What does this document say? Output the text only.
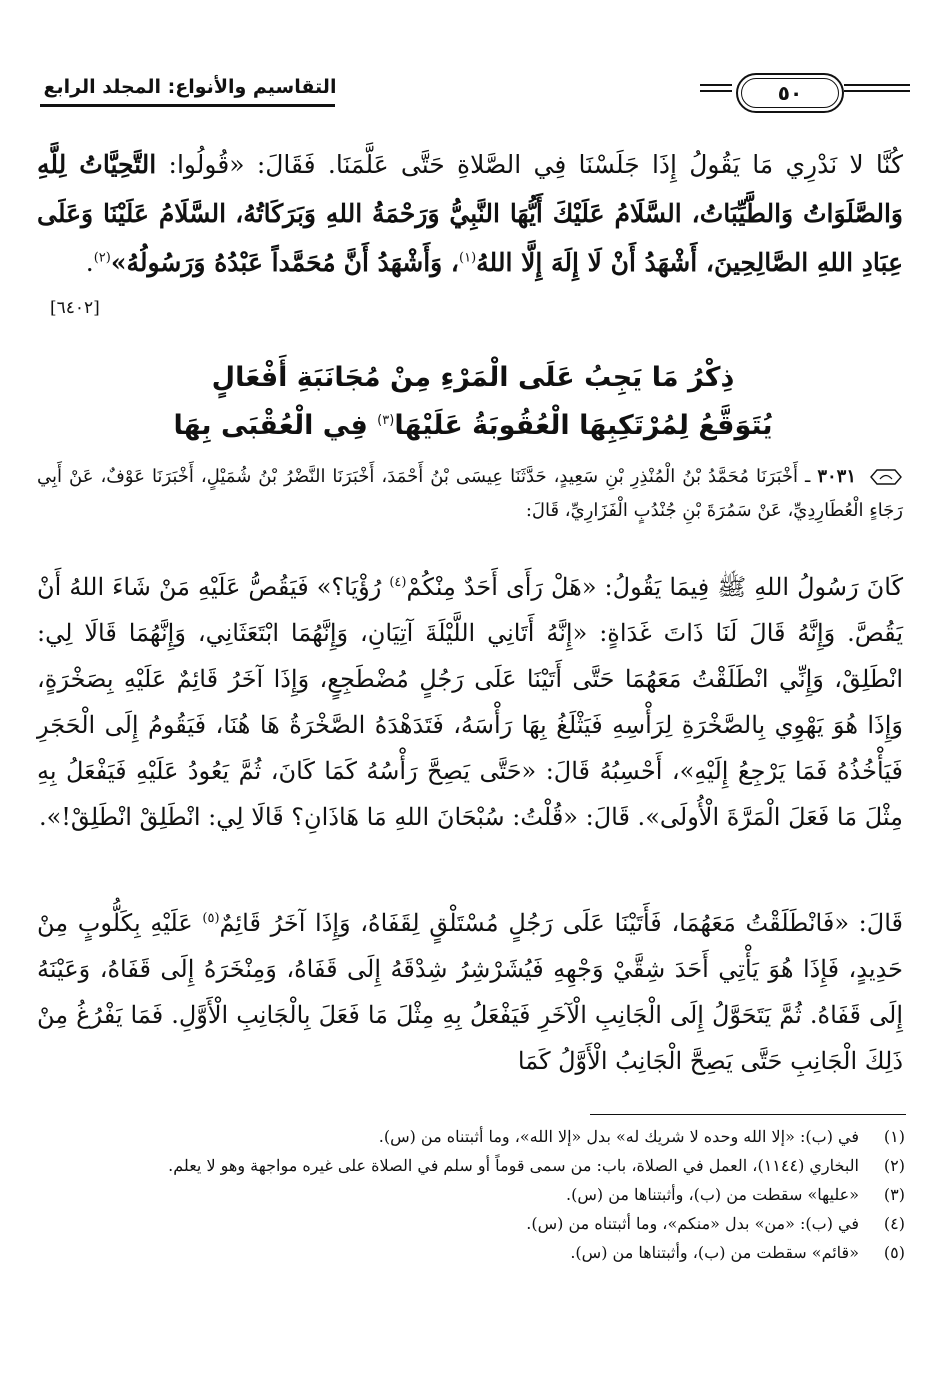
التقاسيم والأنواع: المجلد الرابع	٥٠
كُنَّا لا نَدْرِي مَا يَقُولُ إِذَا جَلَسْنَا فِي الصَّلاةِ حَتَّى عَلَّمَنَا. فَقَالَ: «قُولُوا: التَّحِيَّاتُ لِلَّهِ وَالصَّلَوَاتُ وَالطَّيِّبَاتُ، السَّلَامُ عَلَيْكَ أَيُّهَا النَّبِيُّ وَرَحْمَةُ اللهِ وَبَرَكَاتُهُ، السَّلَامُ عَلَيْنَا وَعَلَى عِبَادِ اللهِ الصَّالِحِينَ، أَشْهَدُ أَنْ لَا إِلَهَ إِلَّا اللهُ$^{(١)}$، وَأَشْهَدُ أَنَّ مُحَمَّداً عَبْدُهُ وَرَسُولُهُ»$^{(٢)}$.
[٦٤٠٢]
ذِكْرُ مَا يَجِبُ عَلَى الْمَرْءِ مِنْ مُجَانَبَةِ أَفْعَالٍ
يُتَوَقَّعُ لِمُرْتَكِبِهَا الْعُقُوبَةُ عَلَيْهَا$^{(٣)}$ فِي الْعُقْبَى بِهَا
٣٠٣١ ـ أَخْبَرَنَا مُحَمَّدُ بْنُ الْمُنْذِرِ بْنِ سَعِيدٍ، حَدَّثَنَا عِيسَى بْنُ أَحْمَدَ، أَخْبَرَنَا النَّضْرُ بْنُ شُمَيْلٍ، أَخْبَرَنَا عَوْفٌ، عَنْ أَبِي رَجَاءٍ الْعُطَارِدِيِّ، عَنْ سَمُرَةَ بْنِ جُنْدُبٍ الْفَزَارِيِّ، قَالَ:
كَانَ رَسُولُ اللهِ ﷺ فِيمَا يَقُولُ: «هَلْ رَأَى أَحَدٌ مِنْكُمْ$^{(٤)}$ رُؤْيَا؟» فَيَقُصُّ عَلَيْهِ مَنْ شَاءَ اللهُ أَنْ يَقُصَّ. وَإِنَّهُ قَالَ لَنَا ذَاتَ غَدَاةٍ: «إِنَّهُ أَتَانِي اللَّيْلَةَ آتِيَانِ، وَإِنَّهُمَا ابْتَعَثَانِي، وَإِنَّهُمَا قَالَا لِي: انْطَلِقْ، وَإِنِّي انْطَلَقْتُ مَعَهُمَا حَتَّى أَتَيْنَا عَلَى رَجُلٍ مُضْطَجِعٍ، وَإِذَا آخَرُ قَائِمٌ عَلَيْهِ بِصَخْرَةٍ، وَإِذَا هُوَ يَهْوِي بِالصَّخْرَةِ لِرَأْسِهِ فَيَثْلَغُ بِهَا رَأْسَهُ، فَتَدَهْدَهُ الصَّخْرَةُ هَا هُنَا، فَيَقُومُ إِلَى الْحَجَرِ فَيَأْخُذُهُ فَمَا يَرْجِعُ إِلَيْهِ»، أَحْسِبُهُ قَالَ: «حَتَّى يَصِحَّ رَأْسُهُ كَمَا كَانَ، ثُمَّ يَعُودُ عَلَيْهِ فَيَفْعَلُ بِهِ مِثْلَ مَا فَعَلَ الْمَرَّةَ الْأُولَى». قَالَ: «قُلْتُ: سُبْحَانَ اللهِ مَا هَاذَانِ؟ قَالَا لِي: انْطَلِقْ انْطَلِقْ!».
قَالَ: «فَانْطَلَقْتُ مَعَهُمَا، فَأَتَيْنَا عَلَى رَجُلٍ مُسْتَلْقٍ لِقَفَاهُ، وَإِذَا آخَرُ قَائِمٌ$^{(٥)}$ عَلَيْهِ بِكَلُّوبٍ مِنْ حَدِيدٍ، فَإِذَا هُوَ يَأْتِي أَحَدَ شِقَّيْ وَجْهِهِ فَيُشَرْشِرُ شِدْقَهُ إِلَى قَفَاهُ، وَمِنْخَرَهُ إِلَى قَفَاهُ، وَعَيْنَهُ إِلَى قَفَاهُ. ثُمَّ يَتَحَوَّلُ إِلَى الْجَانِبِ الْآخَرِ فَيَفْعَلُ بِهِ مِثْلَ مَا فَعَلَ بِالْجَانِبِ الْأَوَّلِ. فَمَا يَفْرُغُ مِنْ ذَلِكَ الْجَانِبِ حَتَّى يَصِحَّ الْجَانِبُ الْأَوَّلُ كَمَا
(١)
في (ب): «إلا الله وحده لا شريك له» بدل «إلا الله»، وما أثبتناه من (س).
(٢)
البخاري (١١٤٤)، العمل في الصلاة، باب: من سمى قوماً أو سلم في الصلاة على غيره مواجهة وهو لا يعلم.
(٣)
«عليها» سقطت من (ب)، وأثبتناها من (س).
(٤)
في (ب): «من» بدل «منكم»، وما أثبتناه من (س).
(٥)
«قائم» سقطت من (ب)، وأثبتناها من (س).
